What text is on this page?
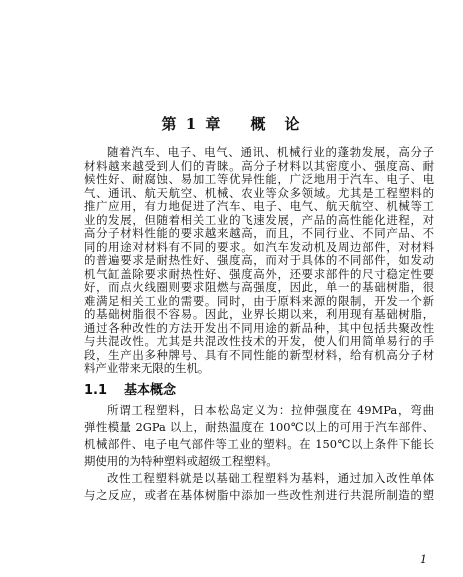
第 1 章 概　论
1.1 基本概念
所谓工程塑料，日本松岛定义为：拉伸强度在 49MPa，弯曲
弹性模量 2GPa 以上，耐热温度在 100℃以上的可用于汽车部件、
机械部件、电子电气部件等工业的塑料。在 150℃以上条件下能长
期使用的为特种塑料或超级工程塑料。
改性工程塑料就是以基础工程塑料为基料，通过加入改性单体
与之反应，或者在基体树脂中添加一些改性剂进行共混所制造的塑
1
随着汽车、电子、电气、通讯、机械行业的蓬勃发展，高分子
材料越来越受到人们的青睐。高分子材料以其密度小、强度高、耐
候性好、耐腐蚀、易加工等优异性能，广泛地用于汽车、电子、电
气、通讯、航天航空、机械、农业等众多领域。尤其是工程塑料的
推广应用，有力地促进了汽车、电子、电气、航天航空、机械等工
业的发展，但随着相关工业的飞速发展，产品的高性能化进程，对
高分子材料性能的要求越来越高，而且，不同行业、不同产品、不
同的用途对材料有不同的要求。如汽车发动机及周边部件，对材料
的普遍要求是耐热性好、强度高，而对于具体的不同部件，如发动
机气缸盖除要求耐热性好、强度高外，还要求部件的尺寸稳定性要
好，而点火线圈则要求阻燃与高强度，因此，单一的基础树脂，很
难满足相关工业的需要。同时，由于原料来源的限制，开发一个新
的基础树脂很不容易。因此，业界长期以来，利用现有基础树脂，
通过各种改性的方法开发出不同用途的新品种，其中包括共聚改性
与共混改性。尤其是共混改性技术的开发，使人们用简单易行的手
段，生产出多种牌号、具有不同性能的新型材料，给有机高分子材
料产业带来无限的生机。
